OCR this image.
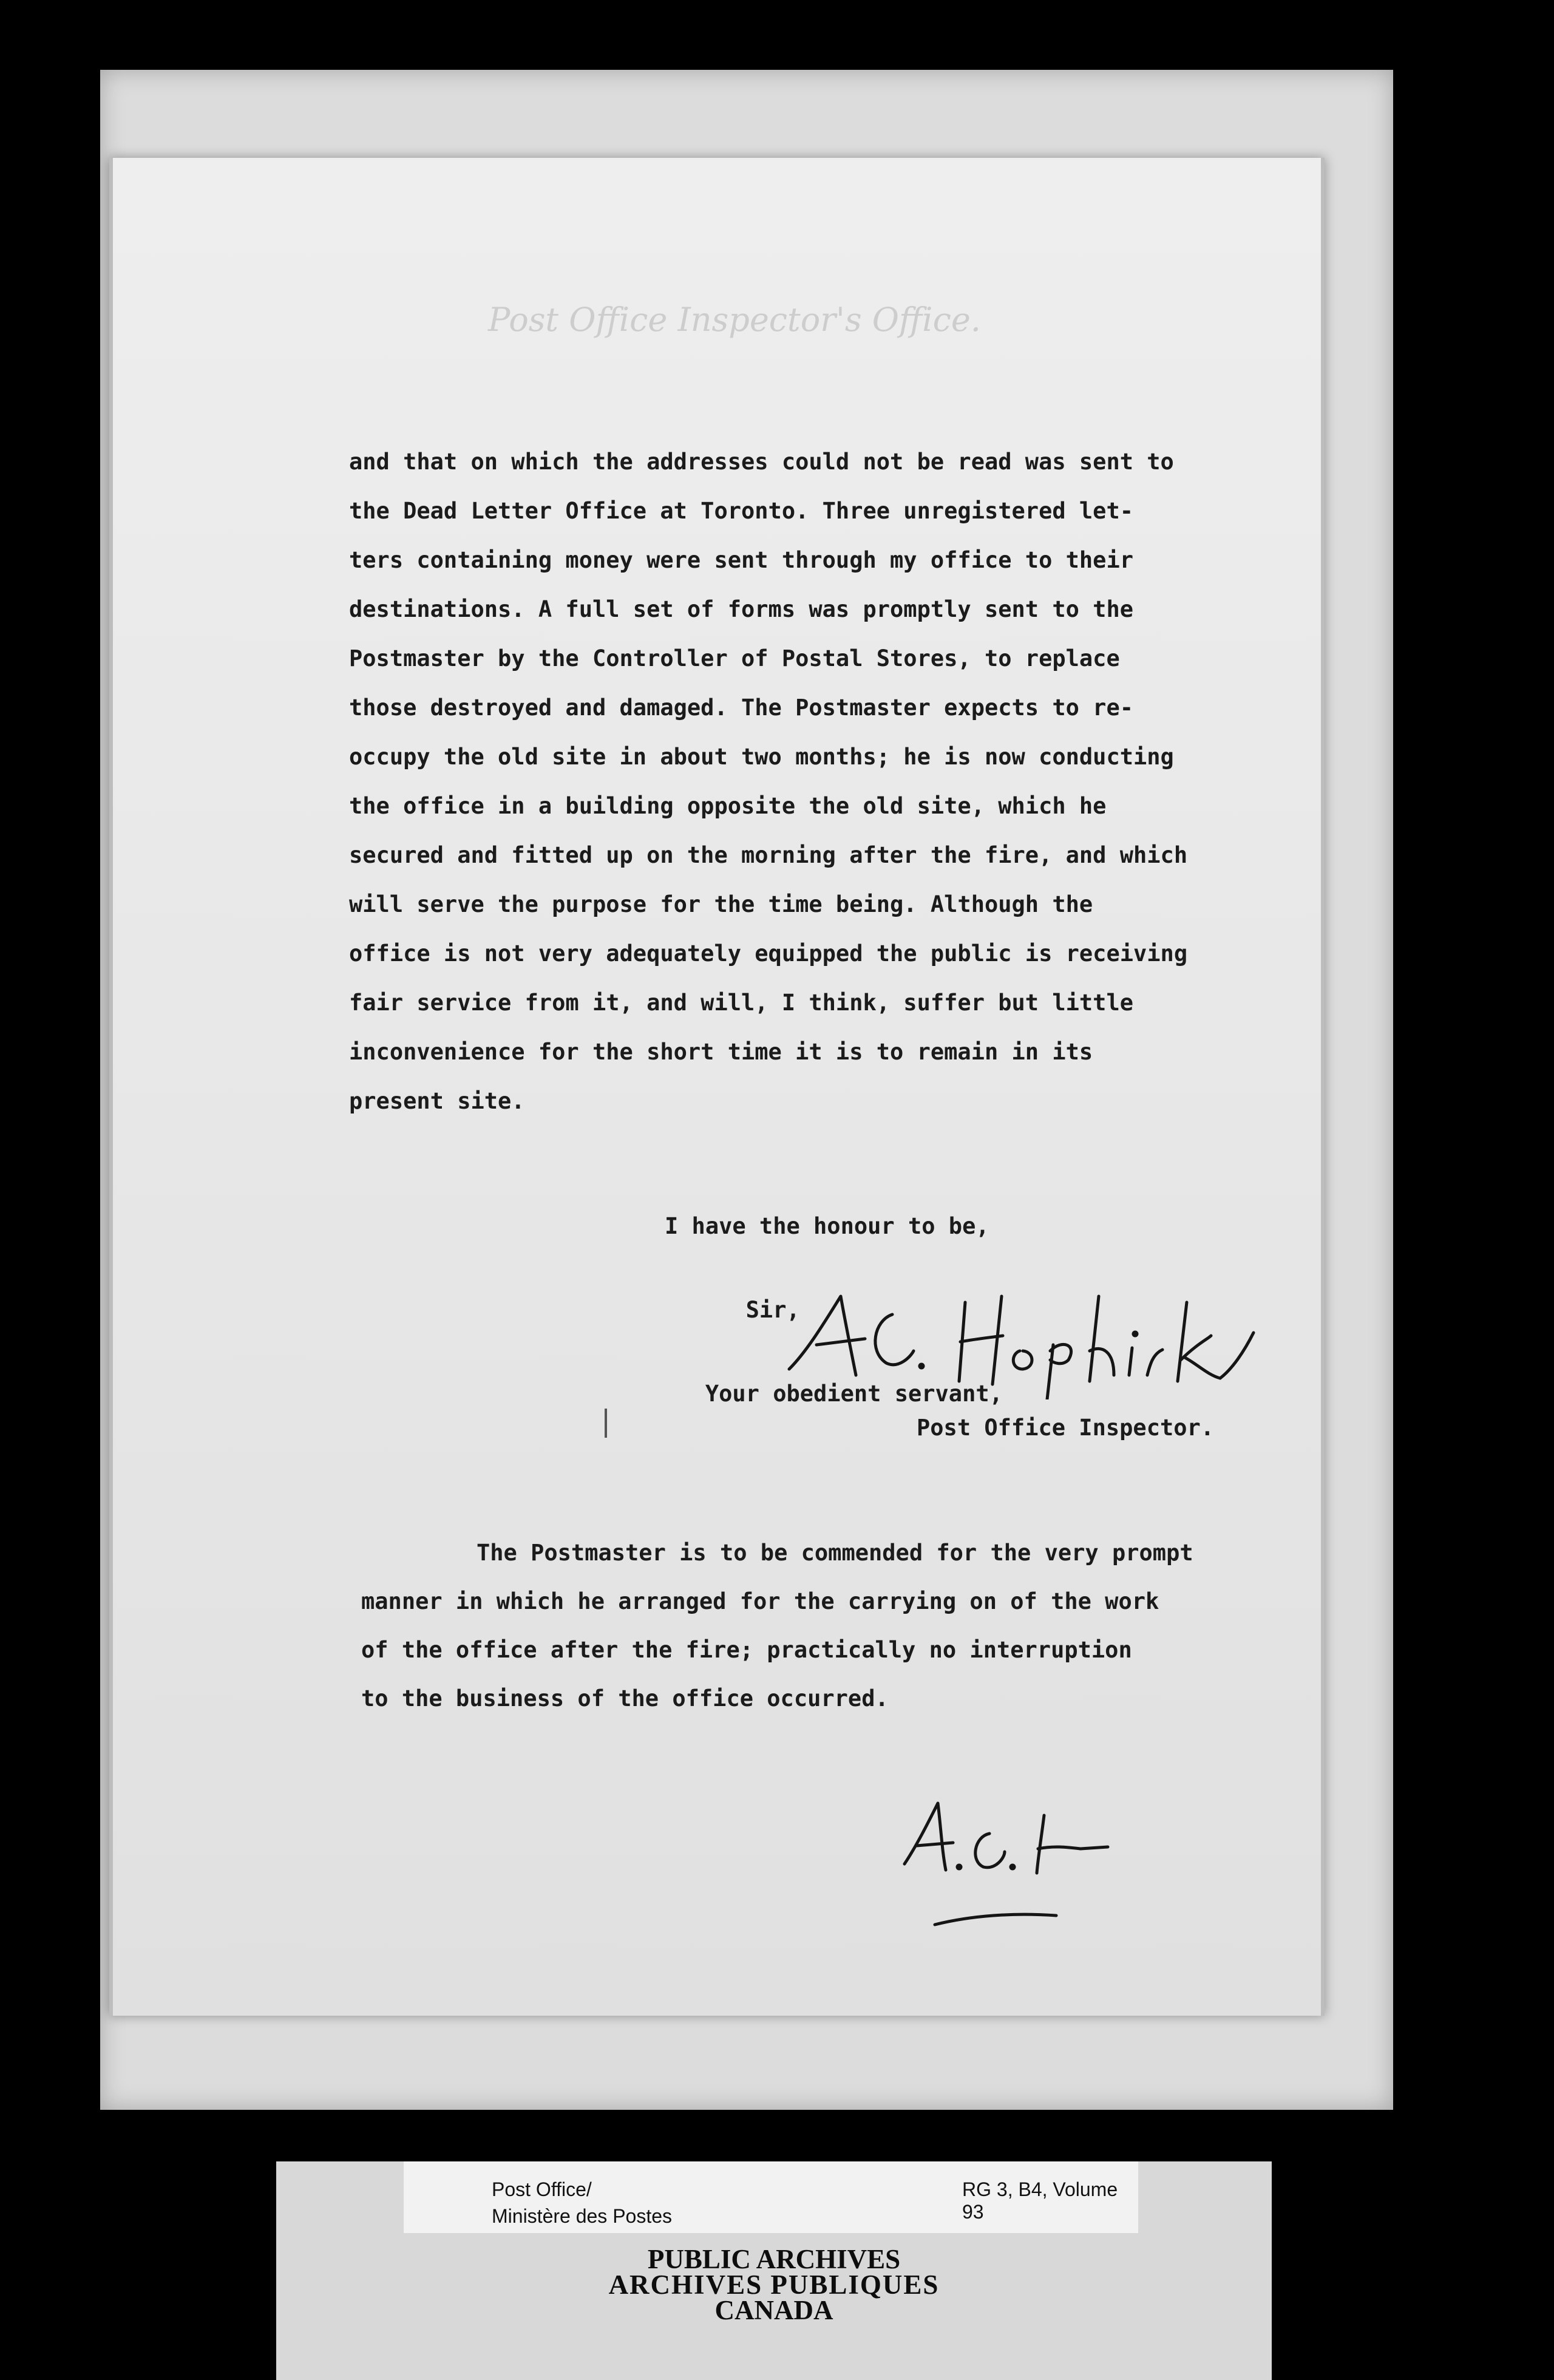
Post Office Inspector's Office.
and that on which the addresses could not be read was sent to
the Dead Letter Office at Toronto. Three unregistered let-
ters containing money were sent through my office to their
destinations. A full set of forms was promptly sent to the
Postmaster by the Controller of Postal Stores, to replace
those destroyed and damaged. The Postmaster expects to re-
occupy the old site in about two months; he is now conducting
the office in a building opposite the old site, which he
secured and fitted up on the morning after the fire, and which
will serve the purpose for the time being. Although the
office is not very adequately equipped the public is receiving
fair service from it, and will, I think, suffer but little
inconvenience for the short time it is to remain in its
present site.

I have the honour to be,

Sir,

Your obedient servant,

Post Office Inspector.
The Postmaster is to be commended for the very prompt
manner in which he arranged for the carrying on of the work
of the office after the fire; practically no interruption
to the business of the office occurred.
Post Office/
Ministère des Postes
RG 3, B4, Volume 93
PUBLIC ARCHIVES
ARCHIVES PUBLIQUES
CANADA
